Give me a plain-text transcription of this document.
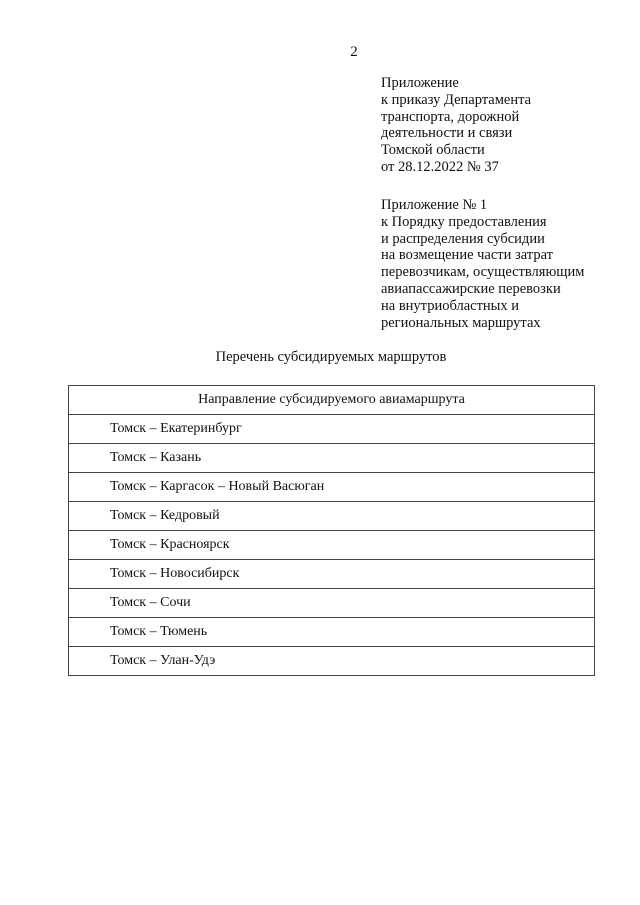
2
Приложение
к приказу Департамента
транспорта, дорожной
деятельности и связи
Томской области
от 28.12.2022 № 37
Приложение № 1
к Порядку предоставления
и распределения субсидии
на возмещение части затрат
перевозчикам, осуществляющим
авиапассажирские перевозки
на внутриобластных и
региональных маршрутах
Перечень субсидируемых маршрутов
Направление субсидируемого авиамаршрута
Томск – Екатеринбург
Томск – Казань
Томск – Каргасок – Новый Васюган
Томск – Кедровый
Томск – Красноярск
Томск – Новосибирск
Томск – Сочи
Томск – Тюмень
Томск – Улан-Удэ
